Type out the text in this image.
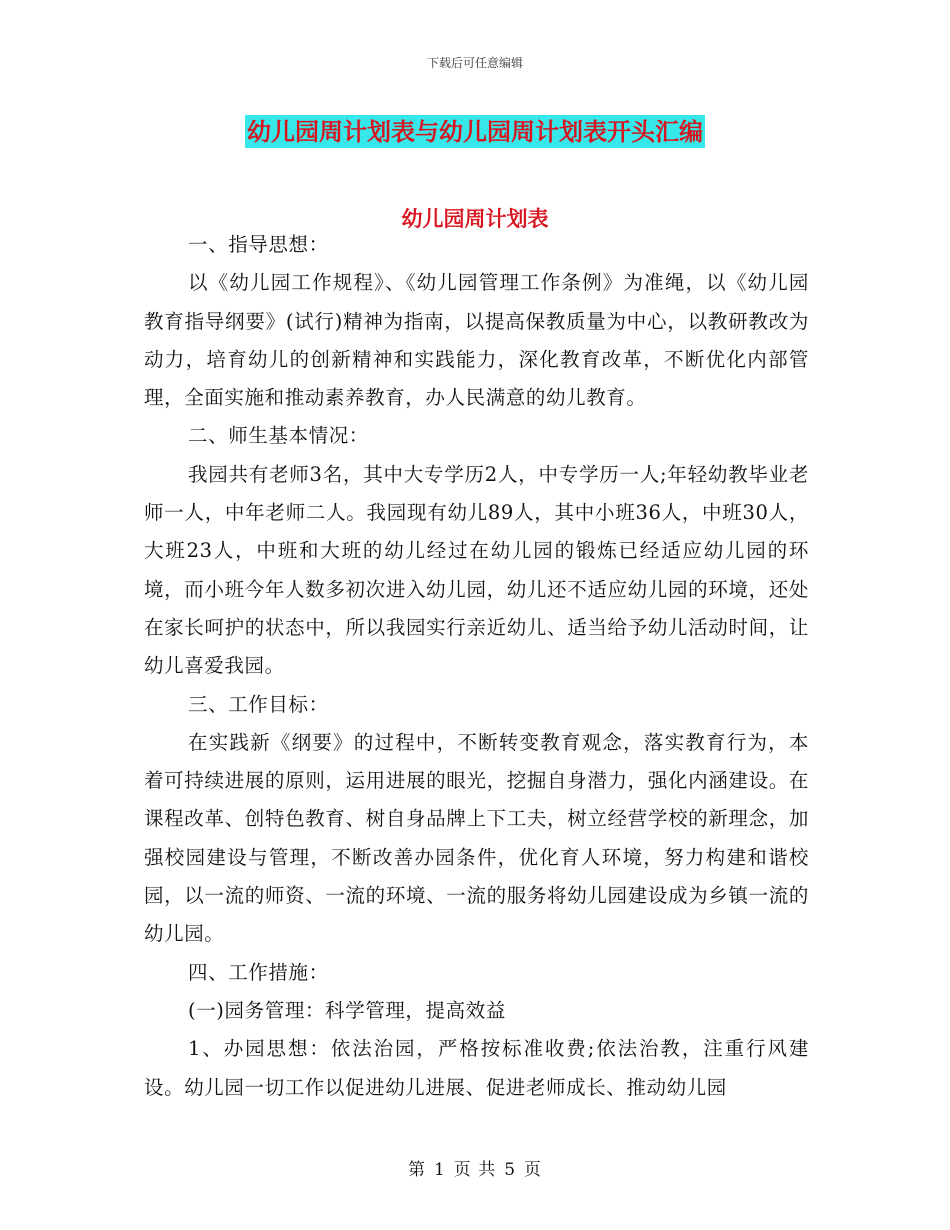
下载后可任意编辑
幼儿园周计划表与幼儿园周计划表开头汇编
幼儿园周计划表

一、指导思想：

以《幼儿园工作规程》、《幼儿园管理工作条例》为准绳，以《幼儿园教育指导纲要》(试行)精神为指南，以提高保教质量为中心，以教研教改为动力，培育幼儿的创新精神和实践能力，深化教育改革，不断优化内部管理，全面实施和推动素养教育，办人民满意的幼儿教育。

二、师生基本情况：

我园共有老师3名，其中大专学历2人，中专学历一人;年轻幼教毕业老师一人，中年老师二人。我园现有幼儿89人，其中小班36人，中班30人，大班23人，中班和大班的幼儿经过在幼儿园的锻炼已经适应幼儿园的环境，而小班今年人数多初次进入幼儿园，幼儿还不适应幼儿园的环境，还处在家长呵护的状态中，所以我园实行亲近幼儿、适当给予幼儿活动时间，让幼儿喜爱我园。

三、工作目标：

在实践新《纲要》的过程中，不断转变教育观念，落实教育行为，本着可持续进展的原则，运用进展的眼光，挖掘自身潜力，强化内涵建设。在课程改革、创特色教育、树自身品牌上下工夫，树立经营学校的新理念，加强校园建设与管理，不断改善办园条件，优化育人环境，努力构建和谐校园，以一流的师资、一流的环境、一流的服务将幼儿园建设成为乡镇一流的幼儿园。

四、工作措施：

(一)园务管理：科学管理，提高效益

1、办园思想：依法治园，严格按标准收费;依法治教，注重行风建设。幼儿园一切工作以促进幼儿进展、促进老师成长、推动幼儿园

第 1 页 共 5 页
